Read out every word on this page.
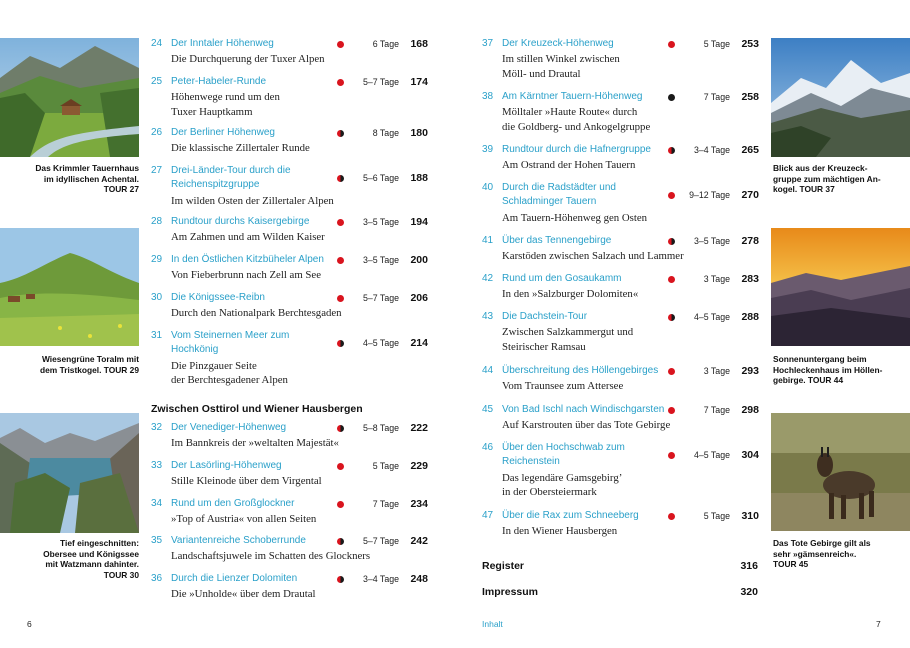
Das Krimmler Tauernhaus
im idyllischen Achental.
TOUR 27
Wiesengrüne Toralm mit
dem Tristkogel. TOUR 29
Tief eingeschnitten:
Obersee und Königssee
mit Watzmann dahinter.
TOUR 30
24 Der Inntaler Höhenweg
Die Durchquerung der Tuxer Alpen
6 Tage	168
25 Peter-Habeler-Runde
Höhenwege rund um den
Tuxer Hauptkamm
5–7 Tage	174
26 Der Berliner Höhenweg
Die klassische Zillertaler Runde
8 Tage	180
27 Drei-Länder-Tour durch die
Reichenspitzgruppe
Im wilden Osten der Zillertaler Alpen
5–6 Tage	188
28 Rundtour durchs Kaisergebirge
Am Zahmen und am Wilden Kaiser
3–5 Tage	194
29 In den Östlichen Kitzbüheler Alpen
Von Fieberbrunn nach Zell am See
3–5 Tage	200
30 Die Königssee-Reibn
Durch den Nationalpark Berchtesgaden
5–7 Tage	206
31 Vom Steinernen Meer zum
Hochkönig
Die Pinzgauer Seite
der Berchtesgadener Alpen
4–5 Tage	214
32 Der Venediger-Höhenweg
Im Bannkreis der »weltalten Majestät«
5–8 Tage	222
33 Der Lasörling-Höhenweg
Stille Kleinode über dem Virgental
5 Tage	229
34 Rund um den Großglockner
»Top of Austria« von allen Seiten
7 Tage	234
35 Variantenreiche Schoberrunde
Landschaftsjuwele im Schatten des Glockners
5–7 Tage	242
36 Durch die Lienzer Dolomiten
Die »Unholde« über dem Drautal
3–4 Tage	248
Zwischen Osttirol und Wiener Hausbergen
6
37 Der Kreuzeck-Höhenweg
Im stillen Winkel zwischen
Möll- und Drautal
5 Tage	253
38 Am Kärntner Tauern-Höhenweg
Mölltaler »Haute Route« durch
die Goldberg- und Ankogelgruppe
7 Tage	258
39 Rundtour durch die Hafnergruppe
Am Ostrand der Hohen Tauern
3–4 Tage	265
40 Durch die Radstädter und
Schladminger Tauern
Am Tauern-Höhenweg gen Osten
9–12 Tage	270
41 Über das Tennengebirge
Karstöden zwischen Salzach und Lammer
3–5 Tage	278
42 Rund um den Gosaukamm
In den »Salzburger Dolomiten«
3 Tage	283
43 Die Dachstein-Tour
Zwischen Salzkammergut und
Steirischer Ramsau
4–5 Tage	288
44 Überschreitung des Höllengebirges
Vom Traunsee zum Attersee
3 Tage	293
45 Von Bad Ischl nach Windischgarsten
Auf Karstrouten über das Tote Gebirge
7 Tage	298
46 Über den Hochschwab zum
Reichenstein
Das legendäre Gamsgebirg’
in der Obersteiermark
4–5 Tage	304
47 Über die Rax zum Schneeberg
In den Wiener Hausbergen
5 Tage	310
Register	316
Impressum	320
Inhalt	7
Blick aus der Kreuzeck-
gruppe zum mächtigen An-
kogel. TOUR 37
Sonnenuntergang beim
Hochleckenhaus im Höllen-
gebirge. TOUR 44
Das Tote Gebirge gilt als
sehr »gämsenreich«.
TOUR 45
